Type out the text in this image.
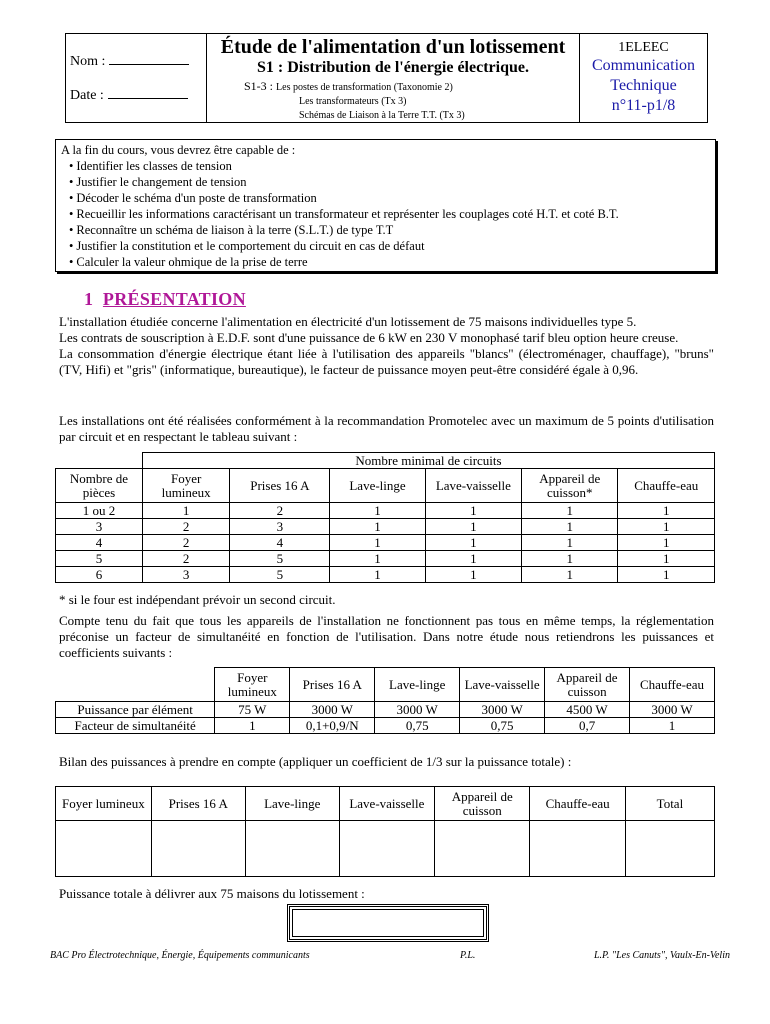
Nom :
Date :
Étude de l'alimentation d'un lotissement
S1 : Distribution de l'énergie électrique.
S1-3 : Les postes de transformation (Taxonomie 2)
Les transformateurs (Tx 3)
Schémas de Liaison à la Terre T.T. (Tx 3)
1ELEEC
Communication
Technique
n°11-p1/8
A la fin du cours, vous devrez être capable de :
• Identifier les classes de tension
• Justifier le changement de tension
• Décoder le schéma d'un poste de transformation
• Recueillir les informations caractérisant un transformateur et représenter les couplages coté H.T. et coté B.T.
• Reconnaître un schéma de liaison à la terre (S.L.T.) de type T.T
• Justifier la constitution et le comportement du circuit en cas de défaut
• Calculer la valeur ohmique de la prise de terre
1 PRÉSENTATION
L'installation étudiée concerne l'alimentation en électricité d'un lotissement de 75 maisons individuelles type 5.
Les contrats de souscription à E.D.F. sont d'une puissance de 6 kW en 230 V monophasé tarif bleu option heure creuse.
La consommation d'énergie électrique étant liée à l'utilisation des appareils "blancs" (électroménager, chauffage), "bruns" (TV, Hifi) et "gris" (informatique, bureautique), le facteur de puissance moyen peut-être considéré égale à 0,96.
Les installations ont été réalisées conformément à la recommandation Promotelec avec un maximum de 5 points d'utilisation par circuit et en respectant le tableau suivant :
	Nombre minimal de circuits					
Nombre de pièces	Foyer lumineux	Prises 16 A	Lave-linge	Lave-vaisselle	Appareil de cuisson*	Chauffe-eau
1 ou 2	1	2	1	1	1	1
3	2	3	1	1	1	1
4	2	4	1	1	1	1
5	2	5	1	1	1	1
6	3	5	1	1	1	1
* si le four est indépendant prévoir un second circuit.
Compte tenu du fait que tous les appareils de l'installation ne fonctionnent pas tous en même temps, la réglementation préconise un facteur de simultanéité en fonction de l'utilisation. Dans notre étude nous retiendrons les puissances et coefficients suivants :
	Foyer lumineux	Prises 16 A	Lave-linge	Lave-vaisselle	Appareil de cuisson	Chauffe-eau
Puissance par élément	75 W	3000 W	3000 W	3000 W	4500 W	3000 W
Facteur de simultanéité	1	0,1+0,9/N	0,75	0,75	0,7	1
Bilan des puissances à prendre en compte (appliquer un coefficient de 1/3 sur la puissance totale) :
Foyer lumineux	Prises 16 A	Lave-linge	Lave-vaisselle	Appareil de cuisson	Chauffe-eau	Total

Puissance totale à délivrer aux 75 maisons du lotissement :
BAC Pro Électrotechnique, Énergie, Équipements communicants	P.L.	L.P. "Les Canuts", Vaulx-En-Velin
